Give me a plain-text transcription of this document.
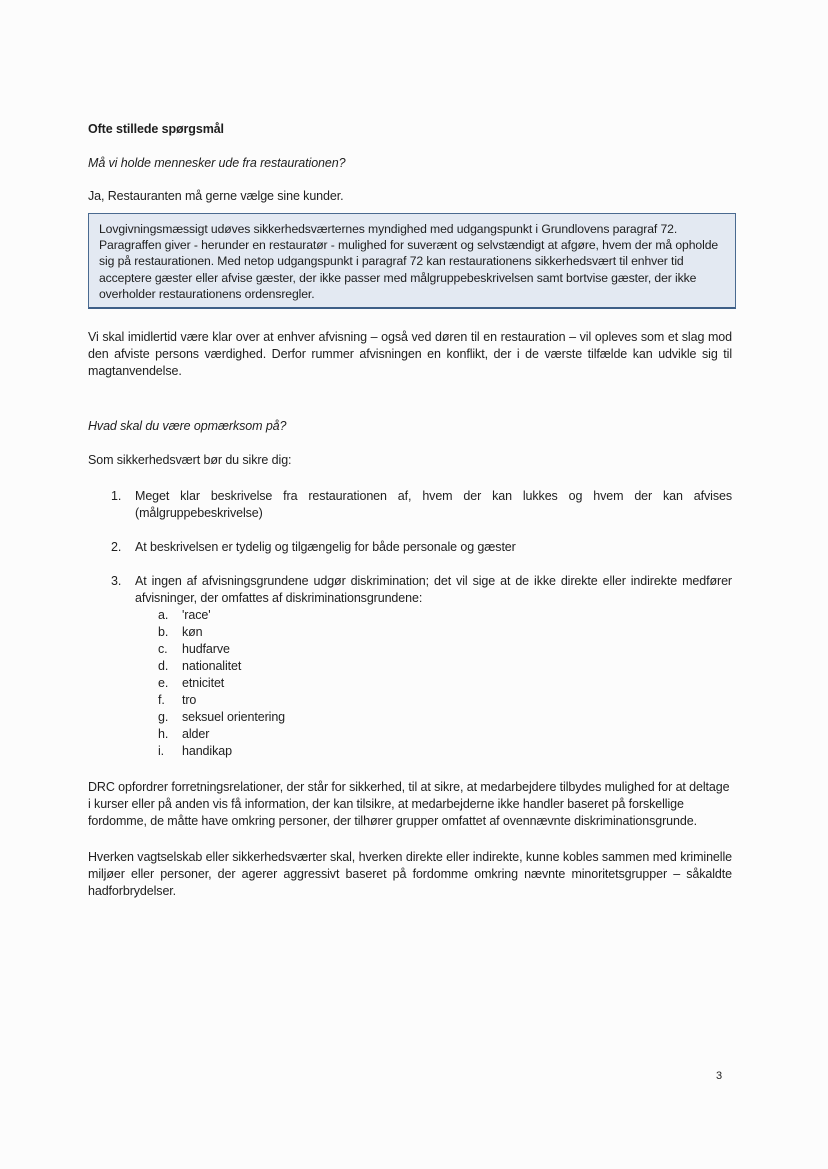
Ofte stillede spørgsmål

Må vi holde mennesker ude fra restaurationen?

Ja, Restauranten må gerne vælge sine kunder.

Lovgivningsmæssigt udøves sikkerhedsværternes myndighed med udgangspunkt i Grundlovens paragraf 72. Paragraffen giver - herunder en restauratør - mulighed for suverænt og selvstændigt at afgøre, hvem der må opholde sig på restaurationen. Med netop udgangspunkt i paragraf 72 kan restaurationens sikkerhedsvært til enhver tid acceptere gæster eller afvise gæster, der ikke passer med målgruppebeskrivelsen samt bortvise gæster, der ikke overholder restaurationens ordensregler.

Vi skal imidlertid være klar over at enhver afvisning – også ved døren til en restauration – vil opleves som et slag mod den afviste persons værdighed. Derfor rummer afvisningen en konflikt, der i de værste tilfælde kan udvikle sig til magtanvendelse.

Hvad skal du være opmærksom på?

Som sikkerhedsvært bør du sikre dig:

1. Meget klar beskrivelse fra restaurationen af, hvem der kan lukkes og hvem der kan afvises (målgruppebeskrivelse)
2. At beskrivelsen er tydelig og tilgængelig for både personale og gæster
3. At ingen af afvisningsgrundene udgør diskrimination; det vil sige at de ikke direkte eller indirekte medfører afvisninger, der omfattes af diskriminationsgrundene:
a. 'race'
b. køn
c. hudfarve
d. nationalitet
e. etnicitet
f. tro
g. seksuel orientering
h. alder
i. handikap

DRC opfordrer forretningsrelationer, der står for sikkerhed, til at sikre, at medarbejdere tilbydes mulighed for at deltage i kurser eller på anden vis få information, der kan tilsikre, at medarbejderne ikke handler baseret på forskellige fordomme, de måtte have omkring personer, der tilhører grupper omfattet af ovennævnte diskriminationsgrunde.

Hverken vagtselskab eller sikkerhedsværter skal, hverken direkte eller indirekte, kunne kobles sammen med kriminelle miljøer eller personer, der agerer aggressivt baseret på fordomme omkring nævnte minoritetsgrupper – såkaldte hadforbrydelser.

3
